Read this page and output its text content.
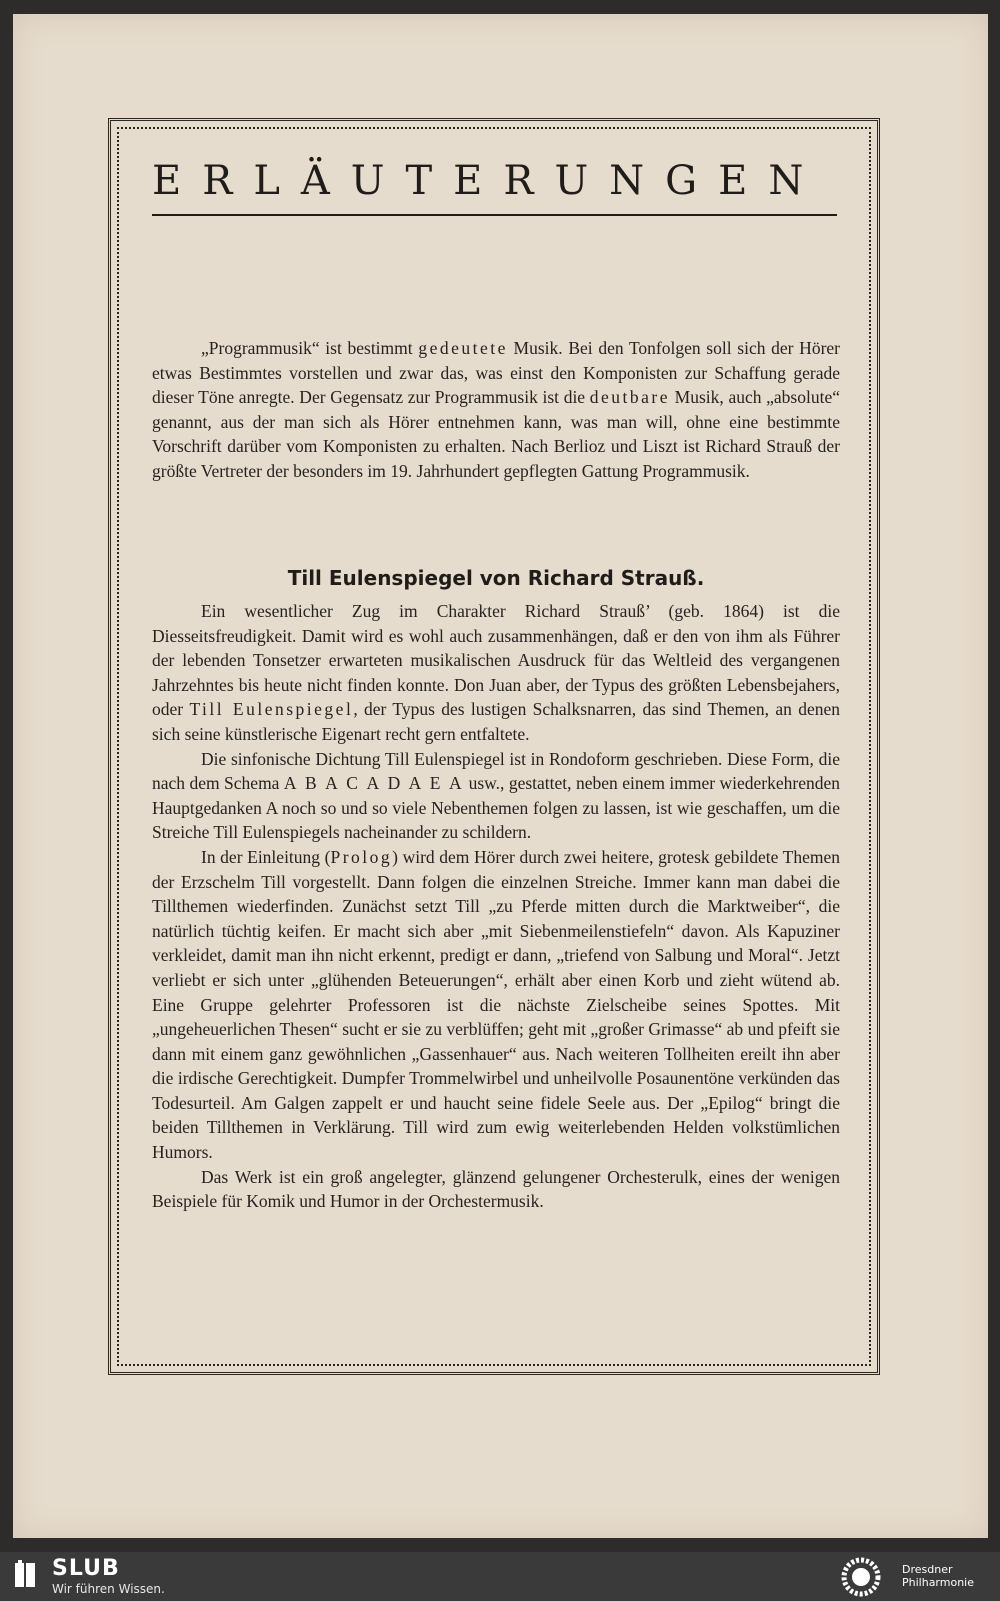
ERLÄUTERUNGEN

„Programmusik“ ist bestimmt gedeutete Musik. Bei den Tonfolgen soll sich der Hörer etwas Bestimmtes vorstellen und zwar das, was einst den Komponisten zur Schaffung gerade dieser Töne anregte. Der Gegensatz zur Programmusik ist die deutbare Musik, auch „absolute“ genannt, aus der man sich als Hörer entnehmen kann, was man will, ohne eine bestimmte Vorschrift darüber vom Komponisten zu erhalten. Nach Berlioz und Liszt ist Richard Strauß der größte Vertreter der besonders im 19. Jahrhundert gepflegten Gattung Programmusik.

Till Eulenspiegel von Richard Strauß.

Ein wesentlicher Zug im Charakter Richard Strauß’ (geb. 1864) ist die Diesseitsfreudigkeit. Damit wird es wohl auch zusammenhängen, daß er den von ihm als Führer der lebenden Tonsetzer erwarteten musikalischen Ausdruck für das Weltleid des vergangenen Jahrzehntes bis heute nicht finden konnte. Don Juan aber, der Typus des größten Lebensbejahers, oder Till Eulenspiegel, der Typus des lustigen Schalksnarren, das sind Themen, an denen sich seine künstlerische Eigenart recht gern entfaltete.

Die sinfonische Dichtung Till Eulenspiegel ist in Rondoform geschrieben. Diese Form, die nach dem Schema A B A C A D A E A usw., gestattet, neben einem immer wiederkehrenden Hauptgedanken A noch so und so viele Nebenthemen folgen zu lassen, ist wie geschaffen, um die Streiche Till Eulenspiegels nacheinander zu schildern.

In der Einleitung (Prolog) wird dem Hörer durch zwei heitere, grotesk gebildete Themen der Erzschelm Till vorgestellt. Dann folgen die einzelnen Streiche. Immer kann man dabei die Tillthemen wiederfinden. Zunächst setzt Till „zu Pferde mitten durch die Marktweiber“, die natürlich tüchtig keifen. Er macht sich aber „mit Siebenmeilenstiefeln“ davon. Als Kapuziner verkleidet, damit man ihn nicht erkennt, predigt er dann, „triefend von Salbung und Moral“. Jetzt verliebt er sich unter „glühenden Beteuerungen“, erhält aber einen Korb und zieht wütend ab. Eine Gruppe gelehrter Professoren ist die nächste Zielscheibe seines Spottes. Mit „ungeheuerlichen Thesen“ sucht er sie zu verblüffen; geht mit „großer Grimasse“ ab und pfeift sie dann mit einem ganz gewöhnlichen „Gassenhauer“ aus. Nach weiteren Tollheiten ereilt ihn aber die irdische Gerechtigkeit. Dumpfer Trommelwirbel und unheilvolle Posaunentöne verkünden das Todesurteil. Am Galgen zappelt er und haucht seine fidele Seele aus. Der „Epilog“ bringt die beiden Tillthemen in Verklärung. Till wird zum ewig weiterlebenden Helden volkstümlichen Humors.

Das Werk ist ein groß angelegter, glänzend gelungener Orchesterulk, eines der wenigen Beispiele für Komik und Humor in der Orchestermusik.

SLUB
Wir führen Wissen.
Dresdner
Philharmonie
